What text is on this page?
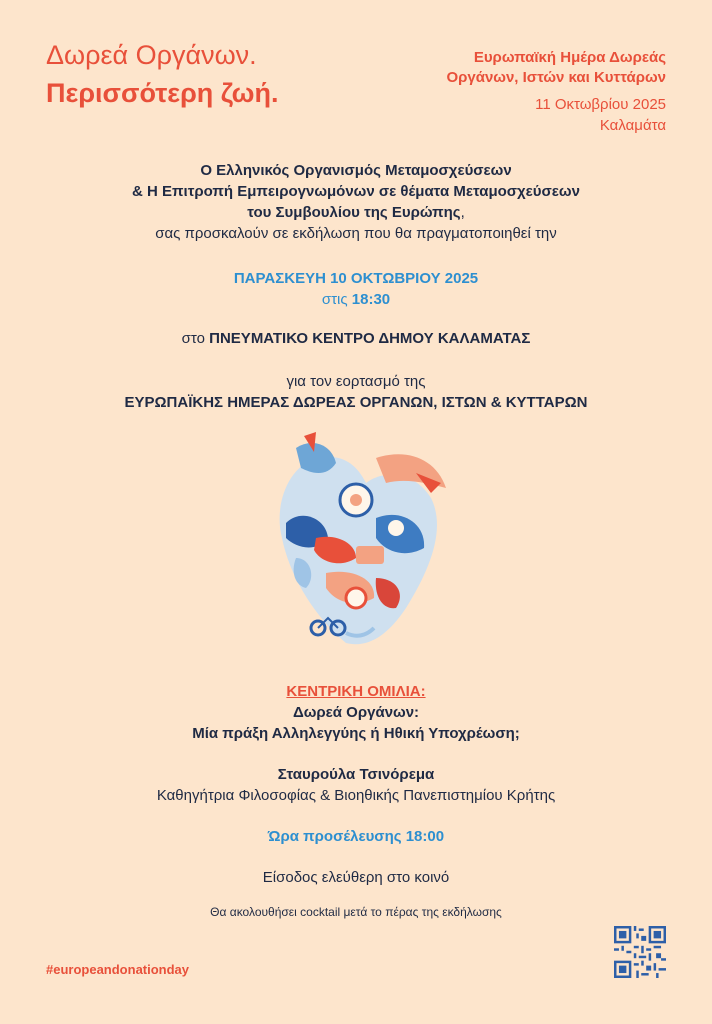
Δωρεά Οργάνων.
Περισσότερη ζωή.
Ευρωπαϊκή Ημέρα Δωρεάς
Οργάνων, Ιστών και Κυττάρων
11 Οκτωβρίου 2025
Καλαμάτα
Ο Ελληνικός Οργανισμός Μεταμοσχεύσεων
& Η Επιτροπή Εμπειρογνωμόνων σε θέματα Μεταμοσχεύσεων
του Συμβουλίου της Ευρώπης,
σας προσκαλούν σε εκδήλωση που θα πραγματοποιηθεί την
ΠΑΡΑΣΚΕΥΗ 10 ΟΚΤΩΒΡΙΟΥ 2025
στις 18:30
στο ΠΝΕΥΜΑΤΙΚΟ ΚΕΝΤΡΟ ΔΗΜΟΥ ΚΑΛΑΜΑΤΑΣ
για τον εορτασμό της
ΕΥΡΩΠΑΪΚΗΣ ΗΜΕΡΑΣ ΔΩΡΕΑΣ ΟΡΓΑΝΩΝ, ΙΣΤΩΝ & ΚΥΤΤΑΡΩΝ
ΚΕΝΤΡΙΚΗ ΟΜΙΛΙΑ:
Δωρεά Οργάνων:
Μία πράξη Αλληλεγγύης ή Ηθική Υποχρέωση;
Σταυρούλα Τσινόρεμα
Καθηγήτρια Φιλοσοφίας & Βιοηθικής Πανεπιστημίου Κρήτης
Ώρα προσέλευσης 18:00
Είσοδος ελεύθερη στο κοινό
Θα ακολουθήσει cocktail μετά το πέρας της εκδήλωσης
#europeandonationday
